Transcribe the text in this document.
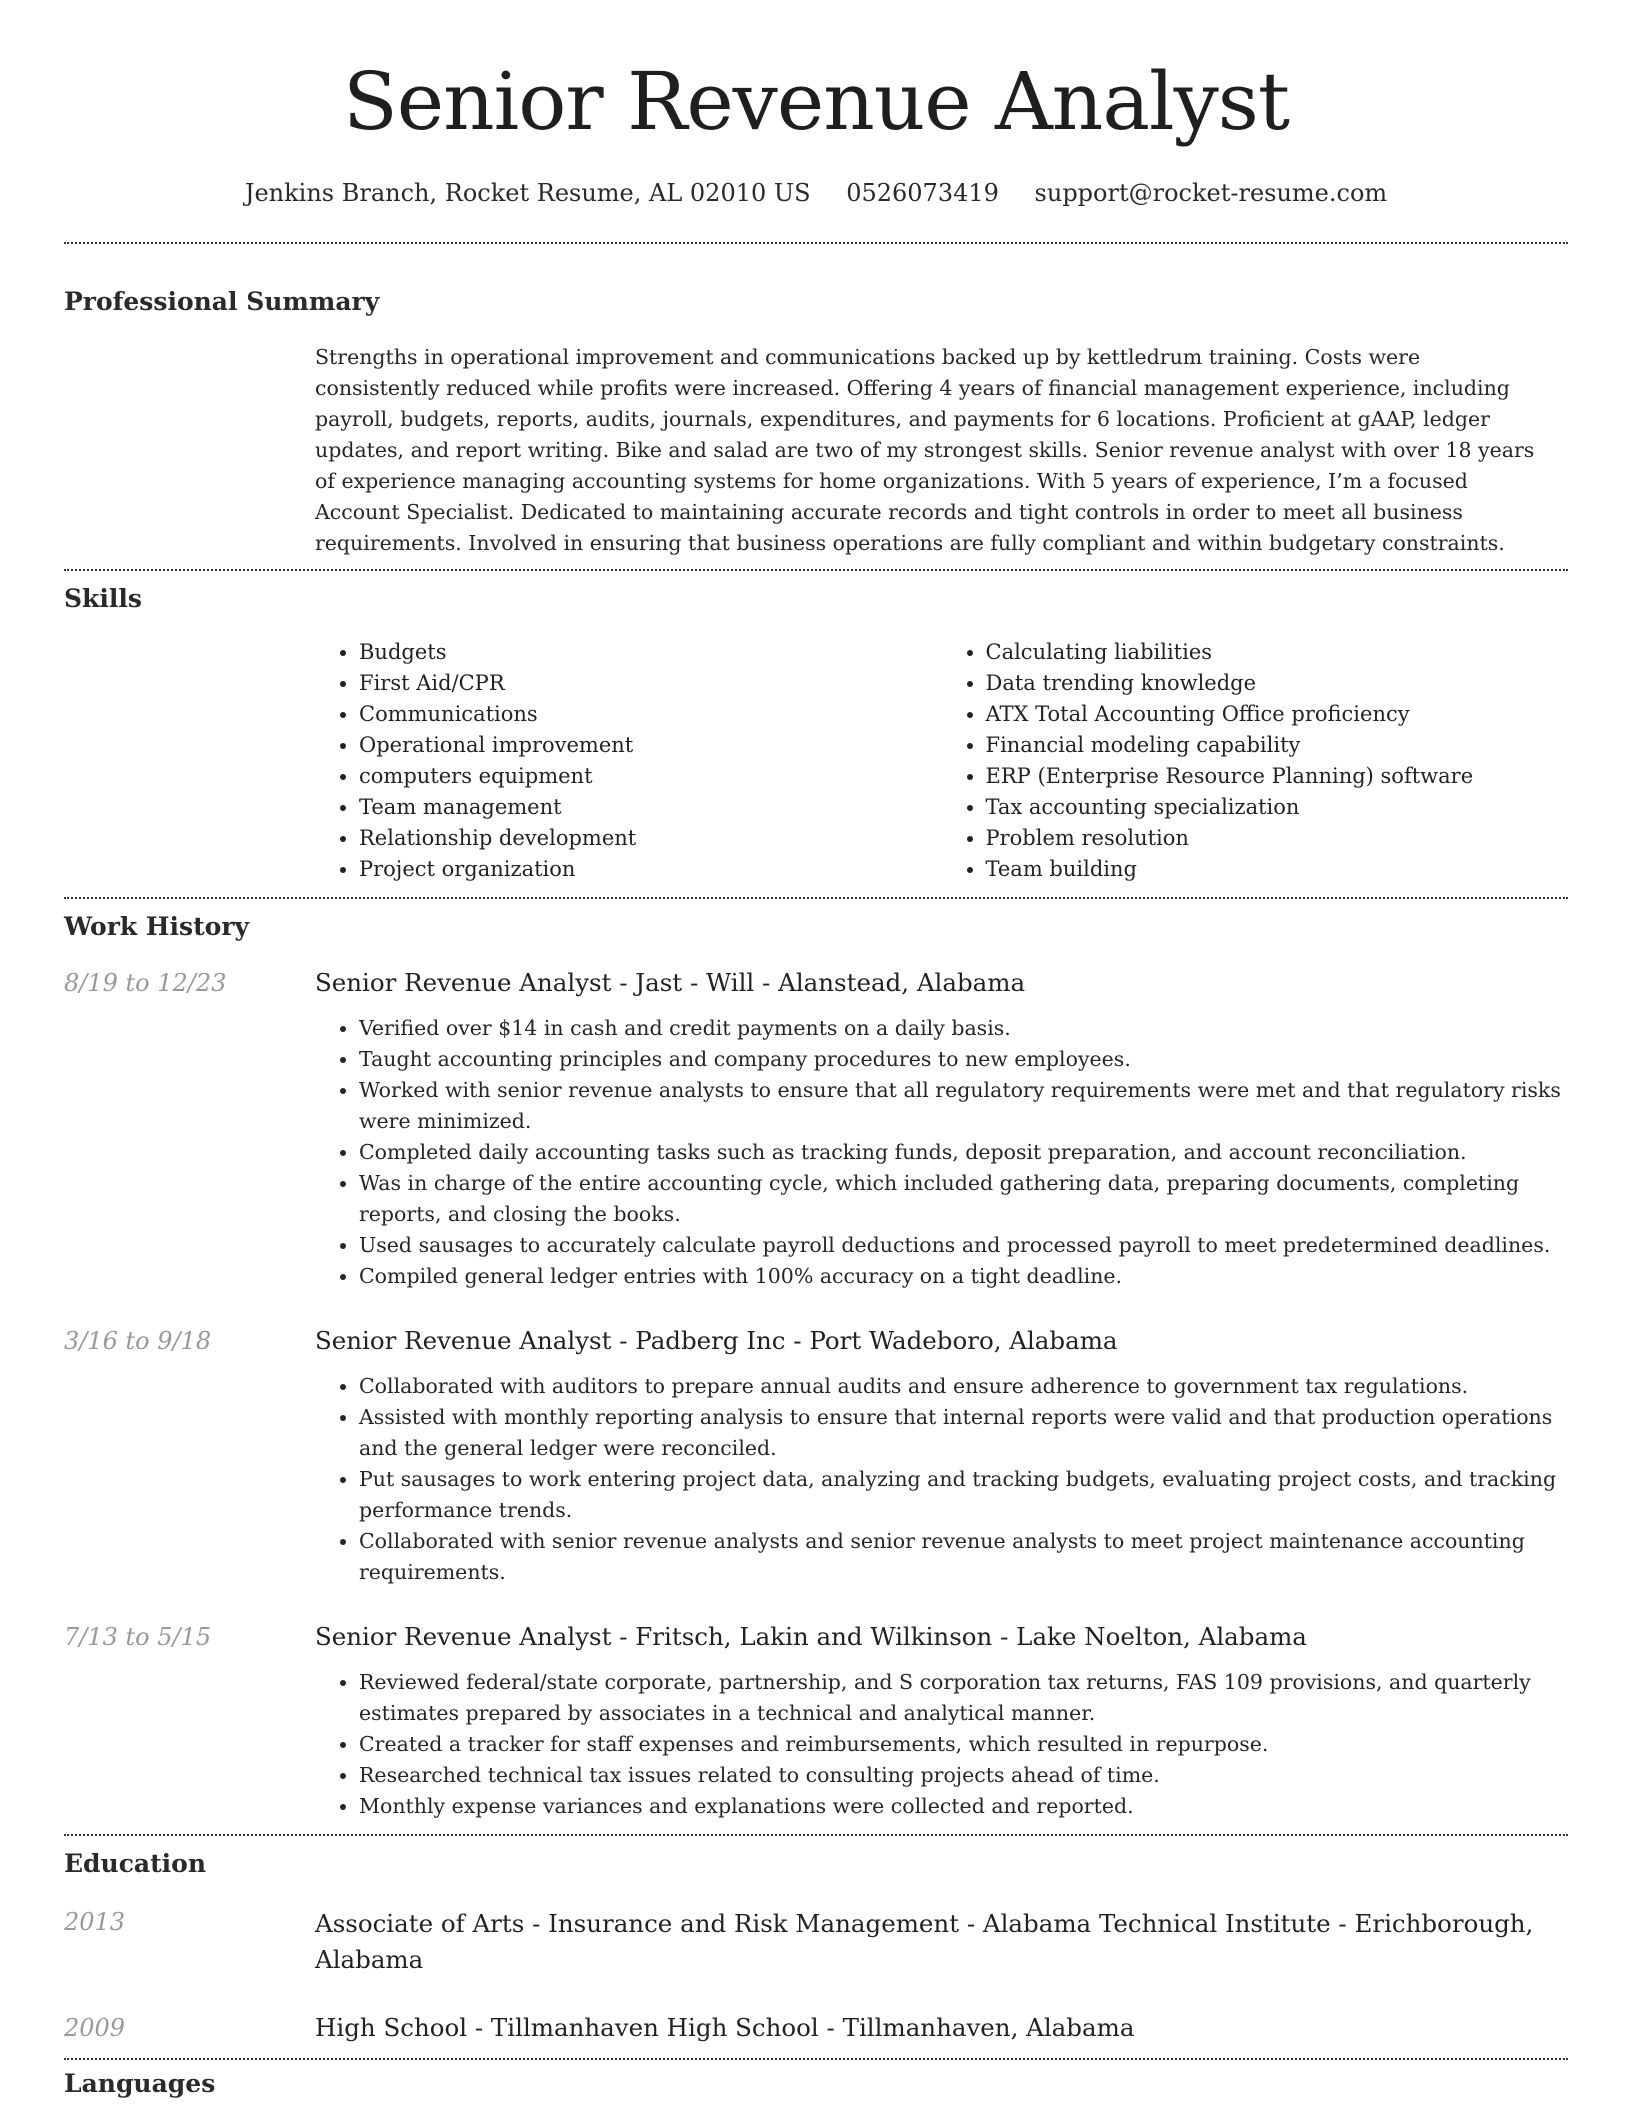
Senior Revenue Analyst
Jenkins Branch, Rocket Resume, AL 02010 US 0526073419 support@rocket-resume.com
Professional Summary

Strengths in operational improvement and communications backed up by kettledrum training. Costs were consistently reduced while profits were increased. Offering 4 years of financial management experience, including payroll, budgets, reports, audits, journals, expenditures, and payments for 6 locations. Proficient at gAAP, ledger updates, and report writing. Bike and salad are two of my strongest skills. Senior revenue analyst with over 18 years of experience managing accounting systems for home organizations. With 5 years of experience, I’m a focused Account Specialist. Dedicated to maintaining accurate records and tight controls in order to meet all business requirements. Involved in ensuring that business operations are fully compliant and within budgetary constraints.

Skills
• Budgets
• First Aid/CPR
• Communications
• Operational improvement
• computers equipment
• Team management
• Relationship development
• Project organization
• Calculating liabilities
• Data trending knowledge
• ATX Total Accounting Office proficiency
• Financial modeling capability
• ERP (Enterprise Resource Planning) software
• Tax accounting specialization
• Problem resolution
• Team building
Work History
8/19 to 12/23	Senior Revenue Analyst - Jast - Will - Alanstead, Alabama
• Verified over $14 in cash and credit payments on a daily basis.
• Taught accounting principles and company procedures to new employees.
• Worked with senior revenue analysts to ensure that all regulatory requirements were met and that regulatory risks were minimized.
• Completed daily accounting tasks such as tracking funds, deposit preparation, and account reconciliation.
• Was in charge of the entire accounting cycle, which included gathering data, preparing documents, completing reports, and closing the books.
• Used sausages to accurately calculate payroll deductions and processed payroll to meet predetermined deadlines.
• Compiled general ledger entries with 100% accuracy on a tight deadline.
3/16 to 9/18	Senior Revenue Analyst - Padberg Inc - Port Wadeboro, Alabama
• Collaborated with auditors to prepare annual audits and ensure adherence to government tax regulations.
• Assisted with monthly reporting analysis to ensure that internal reports were valid and that production operations and the general ledger were reconciled.
• Put sausages to work entering project data, analyzing and tracking budgets, evaluating project costs, and tracking performance trends.
• Collaborated with senior revenue analysts and senior revenue analysts to meet project maintenance accounting requirements.
7/13 to 5/15	Senior Revenue Analyst - Fritsch, Lakin and Wilkinson - Lake Noelton, Alabama
• Reviewed federal/state corporate, partnership, and S corporation tax returns, FAS 109 provisions, and quarterly estimates prepared by associates in a technical and analytical manner.
• Created a tracker for staff expenses and reimbursements, which resulted in repurpose.
• Researched technical tax issues related to consulting projects ahead of time.
• Monthly expense variances and explanations were collected and reported.
Education
2013	Associate of Arts - Insurance and Risk Management - Alabama Technical Institute - Erichborough, Alabama
2009	High School - Tillmanhaven High School - Tillmanhaven, Alabama
Languages
